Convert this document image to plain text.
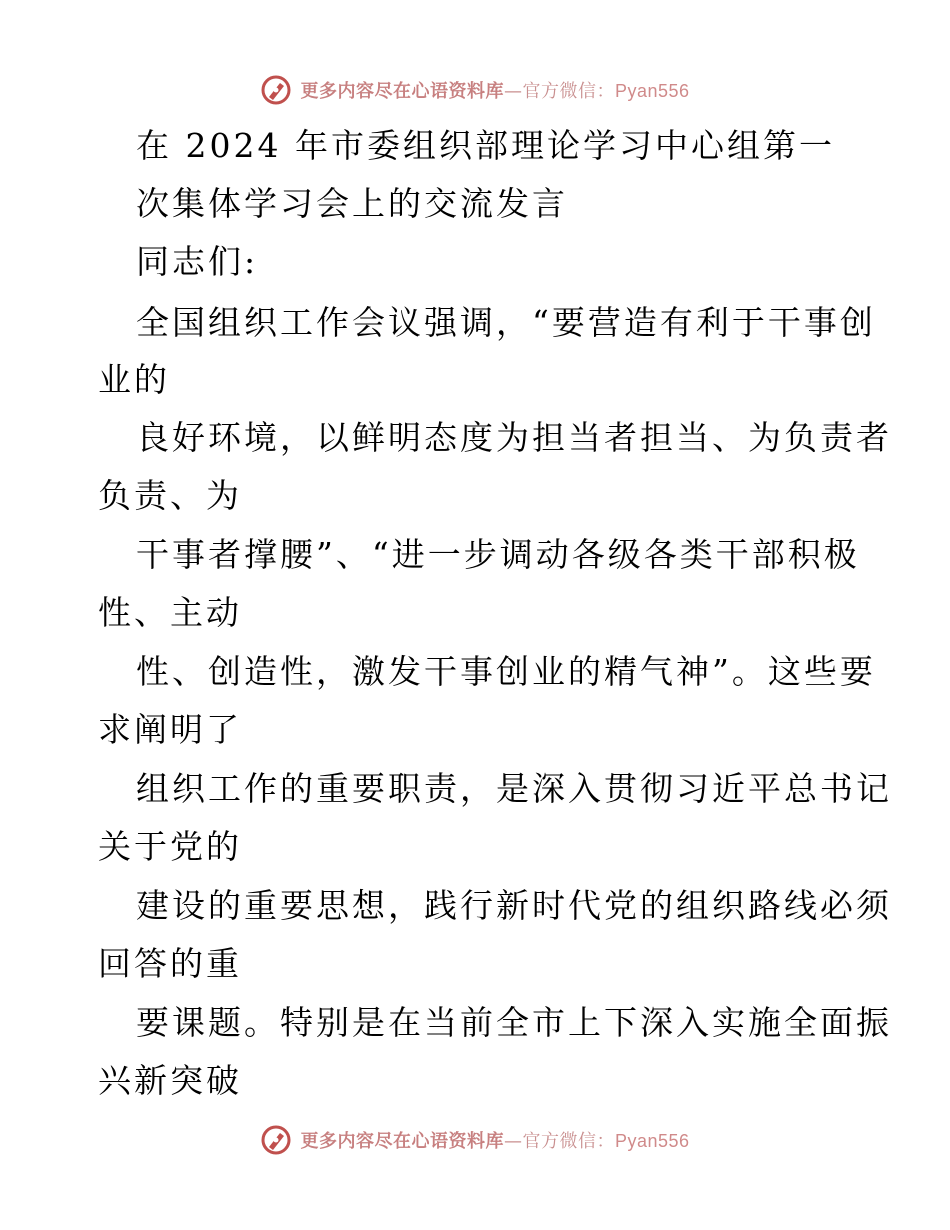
更多内容尽在心语资料库—官方微信：Pyan556
在 2024 年市委组织部理论学习中心组第一
次集体学习会上的交流发言
同志们:
全国组织工作会议强调，“要营造有利于干事创
业的
良好环境，以鲜明态度为担当者担当、为负责者
负责、为
干事者撑腰”、“进一步调动各级各类干部积极
性、主动
性、创造性，激发干事创业的精气神”。这些要
求阐明了
组织工作的重要职责，是深入贯彻习近平总书记
关于党的
建设的重要思想，践行新时代党的组织路线必须
回答的重
要课题。特别是在当前全市上下深入实施全面振
兴新突破
更多内容尽在心语资料库—官方微信：Pyan556
